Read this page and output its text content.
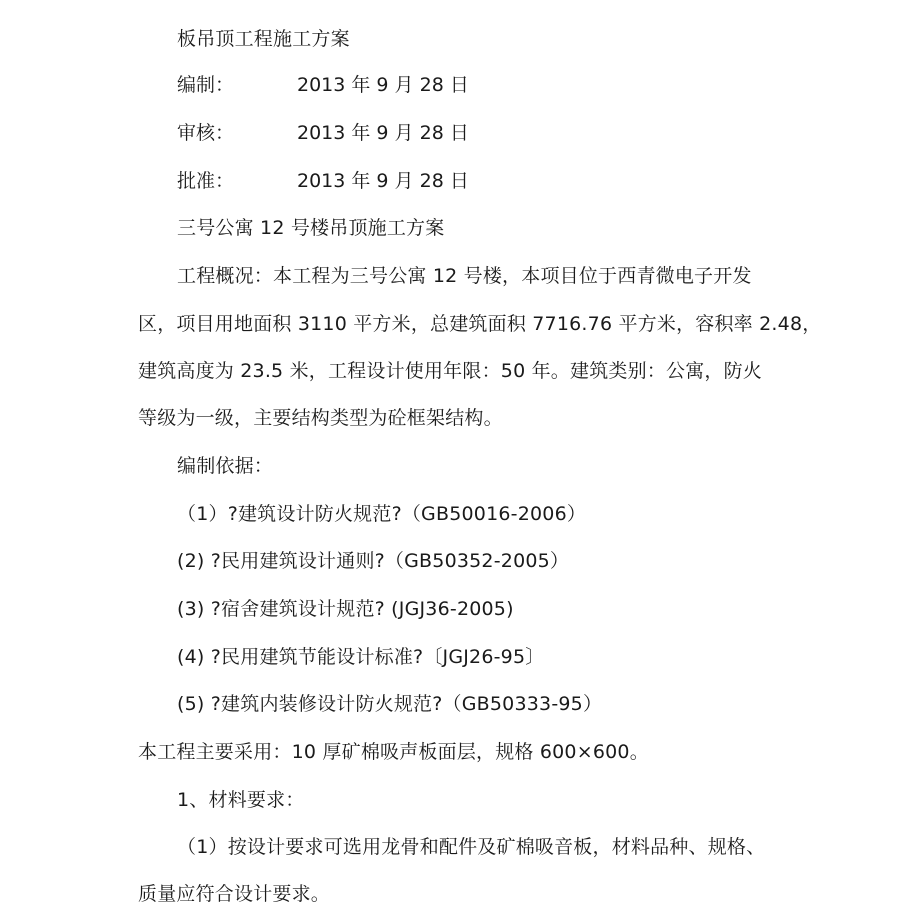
板吊顶工程施工方案
编制：	2013 年 9 月 28 日
审核：	2013 年 9 月 28 日
批准：	2013 年 9 月 28 日
三号公寓 12 号楼吊顶施工方案
工程概况：本工程为三号公寓 12 号楼，本项目位于西青微电子开发
区，项目用地面积 3110 平方米，总建筑面积 7716.76 平方米，容积率 2.48，
建筑高度为 23.5 米，工程设计使用年限：50 年。建筑类别：公寓，防火
等级为一级，主要结构类型为砼框架结构。
编制依据：
（1）?建筑设计防火规范?（GB50016-2006）
(2) ?民用建筑设计通则?（GB50352-2005）
(3) ?宿舍建筑设计规范? (JGJ36-2005)
(4) ?民用建筑节能设计标准?〔JGJ26-95〕
(5) ?建筑内装修设计防火规范?（GB50333-95）
本工程主要采用：10 厚矿棉吸声板面层，规格 600×600。
1、材料要求：
（1）按设计要求可选用龙骨和配件及矿棉吸音板，材料品种、规格、
质量应符合设计要求。
